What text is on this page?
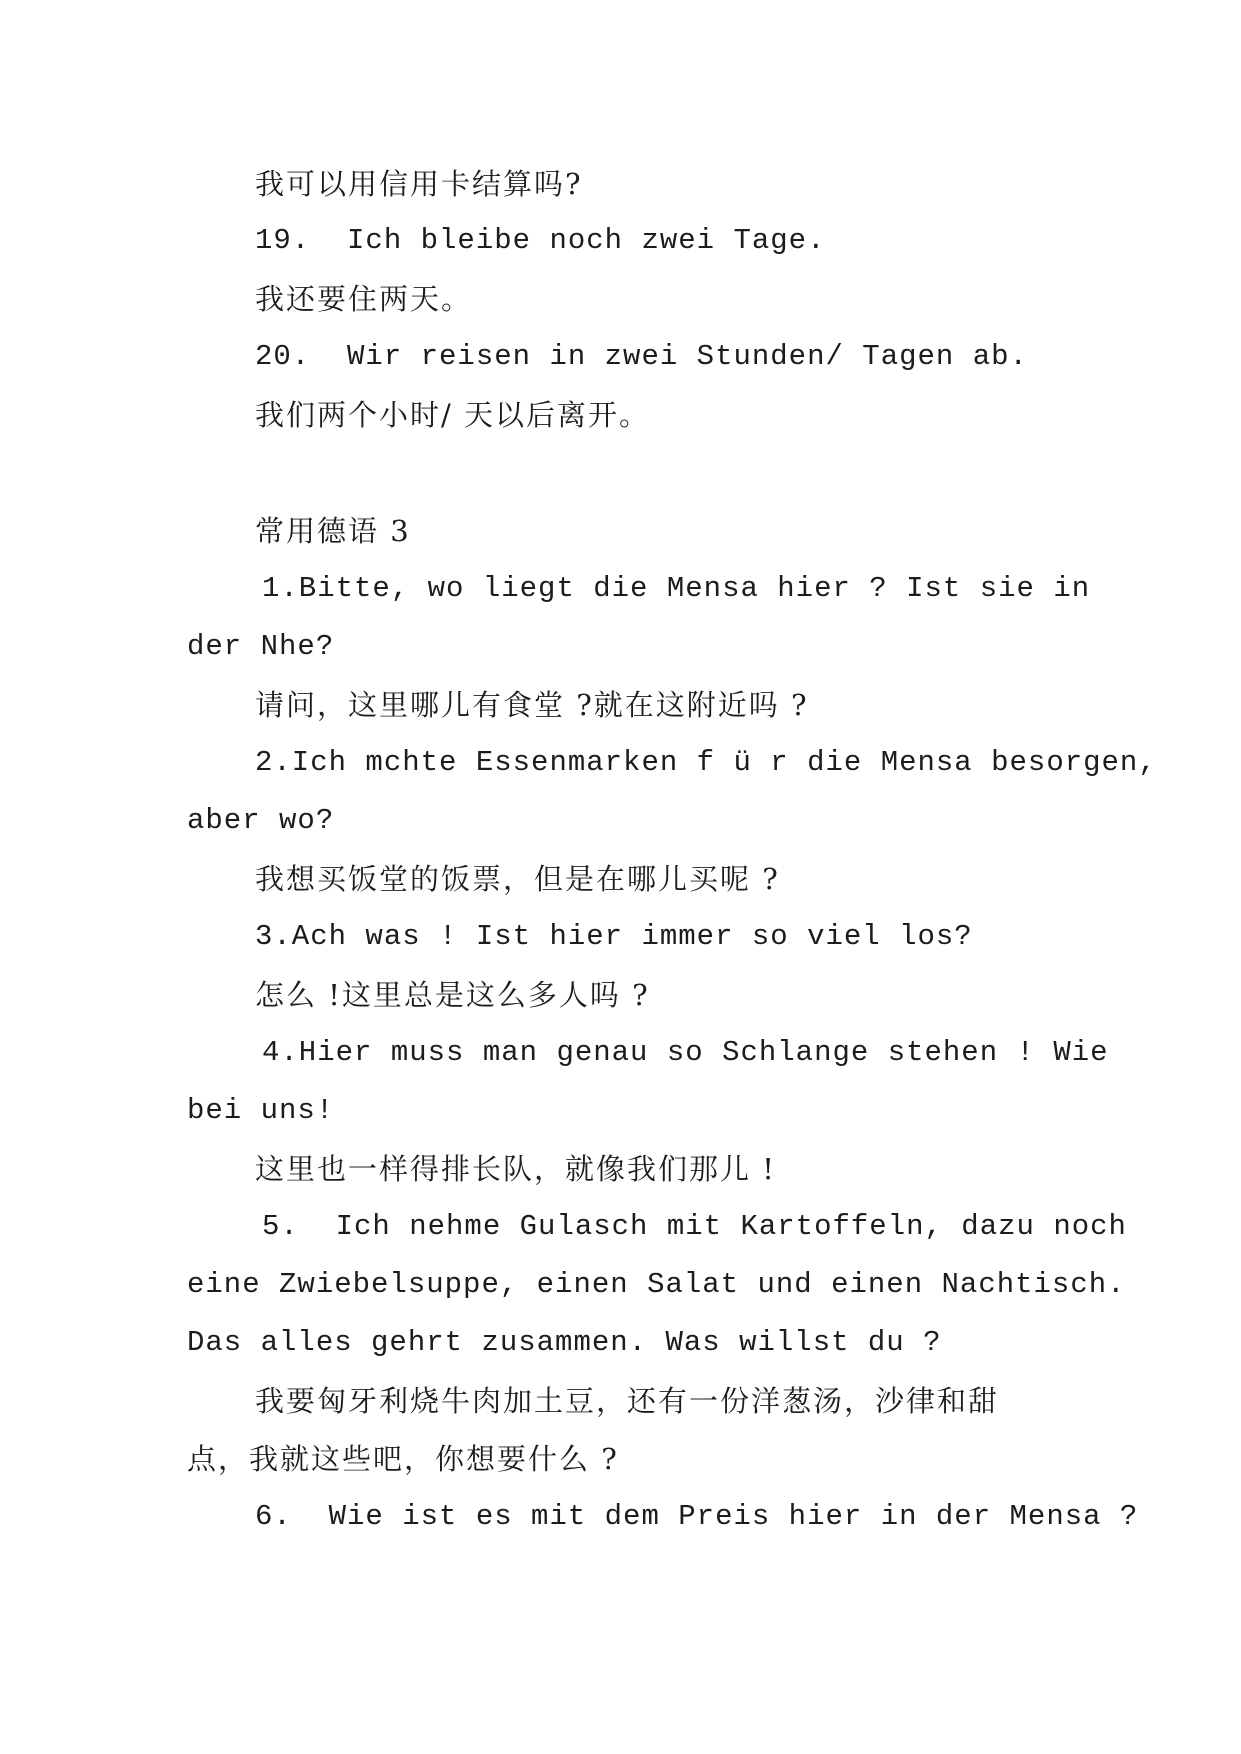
我可以用信用卡结算吗?
19.  Ich bleibe noch zwei Tage.
我还要住两天。
20.  Wir reisen in zwei Stunden/ Tagen ab.
我们两个小时/ 天以后离开。
常用德语 3
1.Bitte, wo liegt die Mensa hier ? Ist sie in
der Nhe?
请问，这里哪儿有食堂 ?就在这附近吗 ?
2.Ich mchte Essenmarken f ü r die Mensa besorgen,
aber wo?
我想买饭堂的饭票，但是在哪儿买呢 ?
3.Ach was ! Ist hier immer so viel los?
怎么 !这里总是这么多人吗 ?
4.Hier muss man genau so Schlange stehen ! Wie
bei uns!
这里也一样得排长队，就像我们那儿 !
5.  Ich nehme Gulasch mit Kartoffeln, dazu noch
eine Zwiebelsuppe, einen Salat und einen Nachtisch.
Das alles gehrt zusammen. Was willst du ?
我要匈牙利烧牛肉加土豆，还有一份洋葱汤，沙律和甜
点，我就这些吧，你想要什么 ?
6.  Wie ist es mit dem Preis hier in der Mensa ?
